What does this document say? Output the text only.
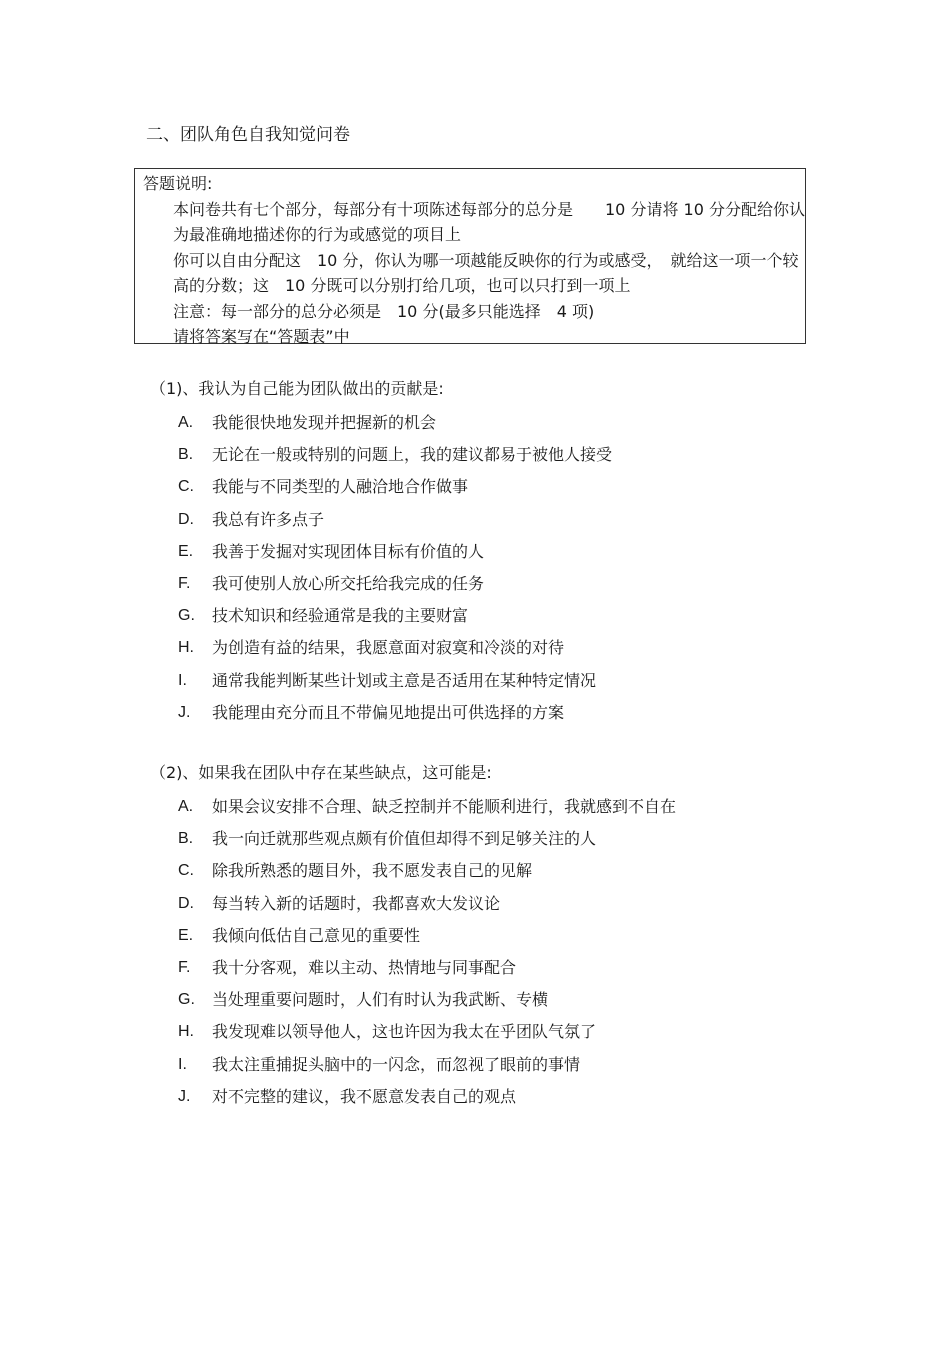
二、团队角色自我知觉问卷

答题说明:

本问卷共有七个部分，每部分有十项陈述每部分的总分是　　10 分请将 10 分分配给你认为最准确地描述你的行为或感觉的项目上

你可以自由分配这　10 分，你认为哪一项越能反映你的行为或感受，　就给这一项一个较高的分数；这　10 分既可以分别打给几项，也可以只打到一项上

注意：每一部分的总分必须是　10 分(最多只能选择　4 项)

请将答案写在“答题表”中

（1)、我认为自己能为团队做出的贡献是:
A.	我能很快地发现并把握新的机会
B.	无论在一般或特别的问题上，我的建议都易于被他人接受
C.	我能与不同类型的人融洽地合作做事
D.	我总有许多点子
E.	我善于发掘对实现团体目标有价值的人
F.	我可使别人放心所交托给我完成的任务
G.	技术知识和经验通常是我的主要财富
H.	为创造有益的结果，我愿意面对寂寞和冷淡的对待
I.	通常我能判断某些计划或主意是否适用在某种特定情况
J.	我能理由充分而且不带偏见地提出可供选择的方案
（2)、如果我在团队中存在某些缺点，这可能是:
A.	如果会议安排不合理、缺乏控制并不能顺利进行，我就感到不自在
B.	我一向迁就那些观点颇有价值但却得不到足够关注的人
C.	除我所熟悉的题目外，我不愿发表自己的见解
D.	每当转入新的话题时，我都喜欢大发议论
E.	我倾向低估自己意见的重要性
F.	我十分客观，难以主动、热情地与同事配合
G.	当处理重要问题时，人们有时认为我武断、专横
H.	我发现难以领导他人，这也许因为我太在乎团队气氛了
I.	我太注重捕捉头脑中的一闪念，而忽视了眼前的事情
J.	对不完整的建议，我不愿意发表自己的观点
